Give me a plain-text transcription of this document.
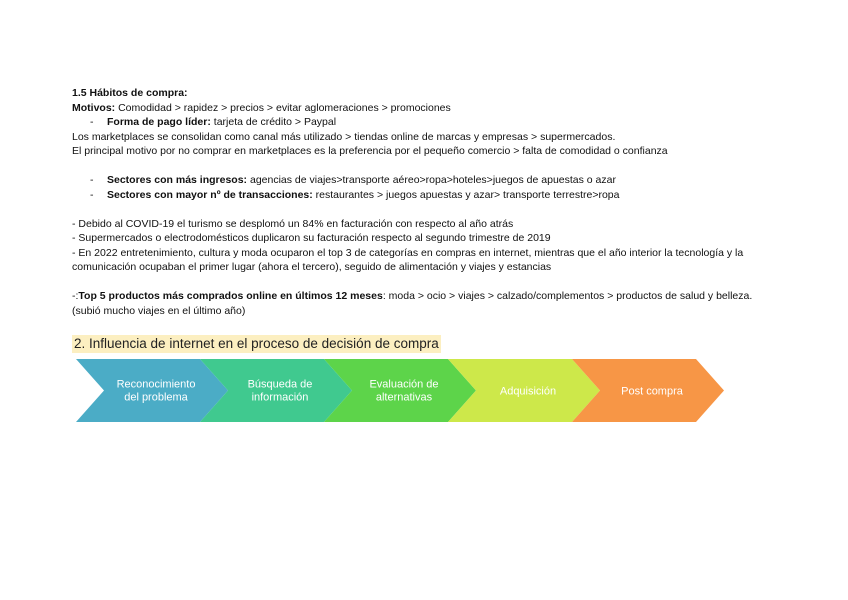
1.5 Hábitos de compra:
Motivos: Comodidad > rapidez > precios > evitar aglomeraciones > promociones
- Forma de pago líder: tarjeta de crédito > Paypal
Los marketplaces se consolidan como canal más utilizado > tiendas online de marcas y empresas > supermercados.
El principal motivo por no comprar en marketplaces es la preferencia por el pequeño comercio > falta de comodidad o confianza
- Sectores con más ingresos: agencias de viajes>transporte aéreo>ropa>hoteles>juegos de apuestas o azar
- Sectores con mayor nº de transacciones: restaurantes > juegos apuestas y azar> transporte terrestre>ropa
- Debido al COVID-19 el turismo se desplomó un 84% en facturación con respecto al año atrás
- Supermercados o electrodomésticos duplicaron su facturación respecto al segundo trimestre de 2019
- En 2022 entretenimiento, cultura y moda ocuparon el top 3 de categorías en compras en internet, mientras que el año interior la tecnología y la comunicación ocupaban el primer lugar (ahora el tercero), seguido de alimentación y viajes y estancias
-:Top 5 productos más comprados online en últimos 12 meses: moda > ocio > viajes > calzado/complementos > productos de salud y belleza. (subió mucho viajes en el último año)
2. Influencia de internet en el proceso de decisión de compra
Reconocimiento
del problema
Búsqueda de
información
Evaluación de
alternativas	Adquisición	Post compra
